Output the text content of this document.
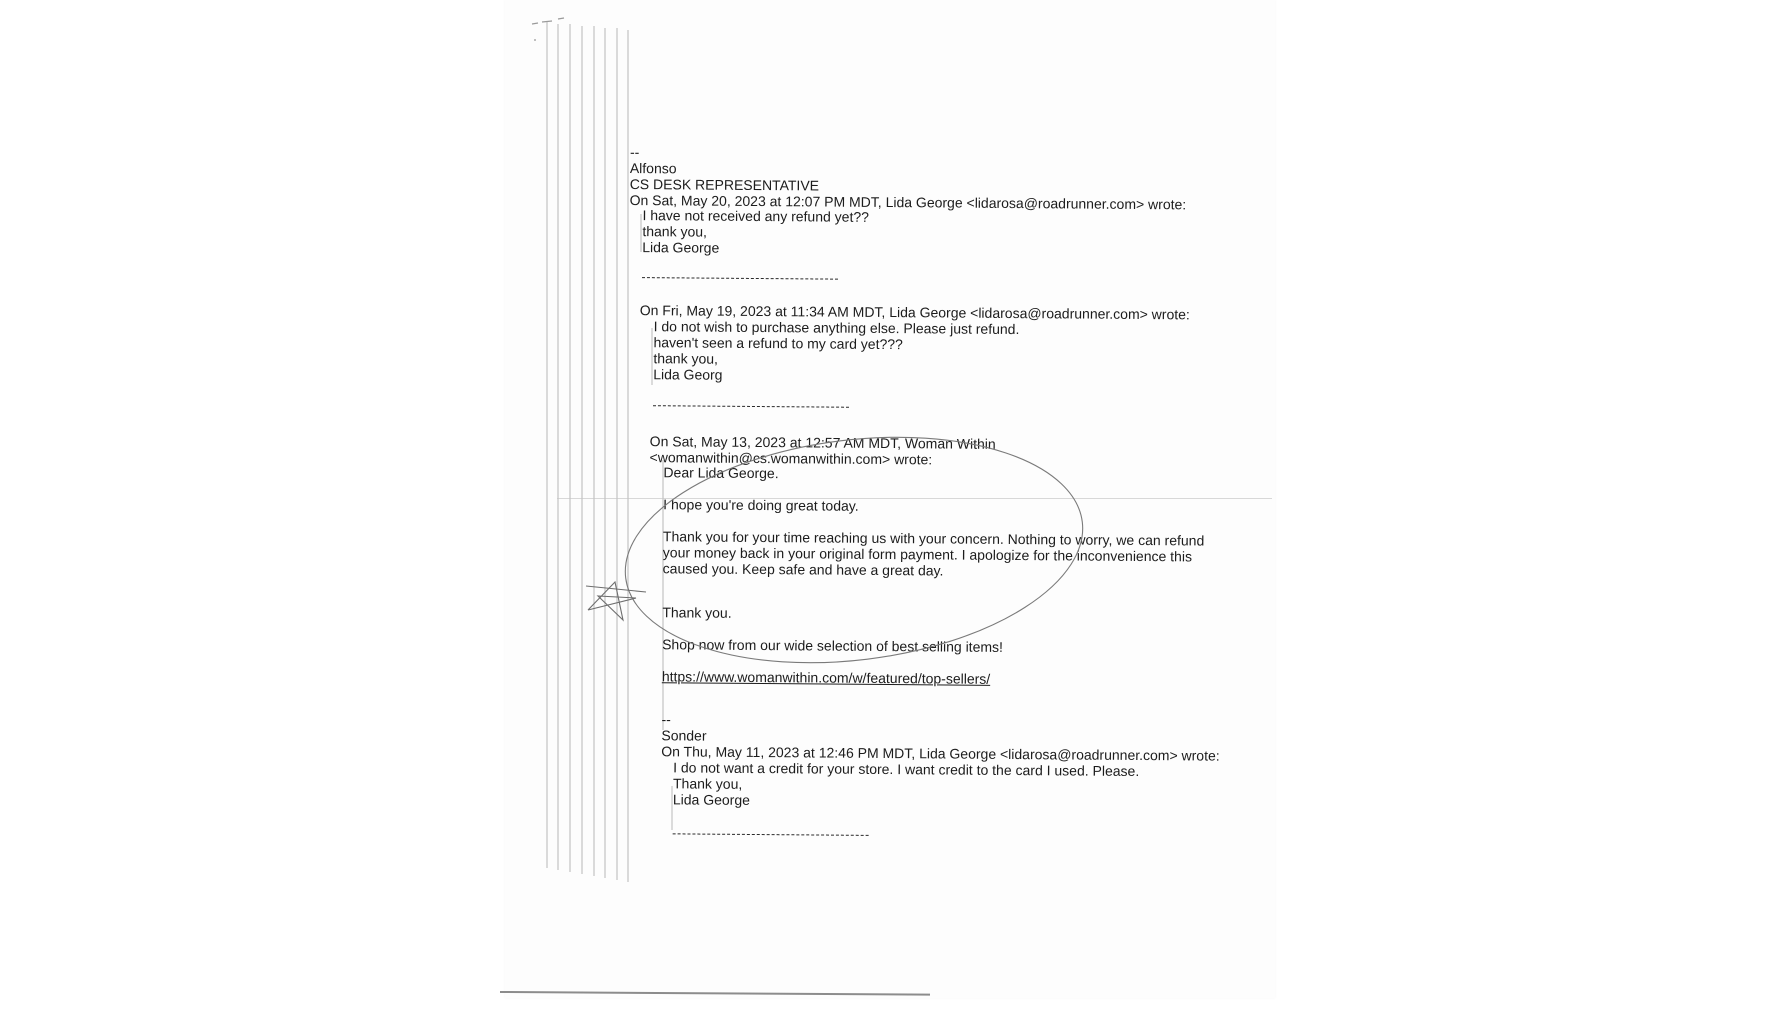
--

Alfonso

CS DESK REPRESENTATIVE

On Sat, May 20, 2023 at 12:07 PM MDT, Lida George <lidarosa@roadrunner.com> wrote:

I have not received any refund yet??

thank you,

Lida George

On Fri, May 19, 2023 at 11:34 AM MDT, Lida George <lidarosa@roadrunner.com> wrote:

I do not wish to purchase anything else. Please just refund.

haven't seen a refund to my card yet???

thank you,

Lida Georg

On Sat, May 13, 2023 at 12:57 AM MDT, Woman Within

<womanwithin@cs.womanwithin.com> wrote:

Dear Lida George.

I hope you're doing great today.

Thank you for your time reaching us with your concern. Nothing to worry, we can refund

your money back in your original form payment. I apologize for the inconvenience this

caused you. Keep safe and have a great day.

Thank you.

Shop now from our wide selection of best selling items!

https://www.womanwithin.com/w/featured/top-sellers/

--

Sonder

On Thu, May 11, 2023 at 12:46 PM MDT, Lida George <lidarosa@roadrunner.com> wrote:

I do not want a credit for your store. I want credit to the card I used. Please.

Thank you,

Lida George
